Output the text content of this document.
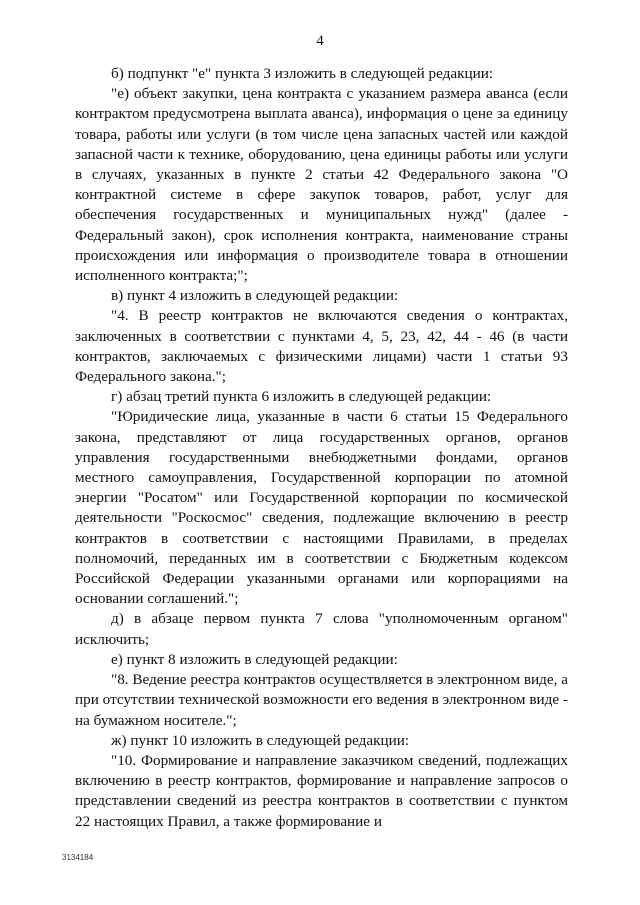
4

б) подпункт "е" пункта 3 изложить в следующей редакции:

"е) объект закупки, цена контракта с указанием размера аванса (если контрактом предусмотрена выплата аванса), информация о цене за единицу товара, работы или услуги (в том числе цена запасных частей или каждой запасной части к технике, оборудованию, цена единицы работы или услуги в случаях, указанных в пункте 2 статьи 42 Федерального закона "О контрактной системе в сфере закупок товаров, работ, услуг для обеспечения государственных и муниципальных нужд" (далее - Федеральный закон), срок исполнения контракта, наименование страны происхождения или информация о производителе товара в отношении исполненного контракта;";

в) пункт 4 изложить в следующей редакции:

"4. В реестр контрактов не включаются сведения о контрактах, заключенных в соответствии с пунктами 4, 5, 23, 42, 44 - 46 (в части контрактов, заключаемых с физическими лицами) части 1 статьи 93 Федерального закона.";

г) абзац третий пункта 6 изложить в следующей редакции:

"Юридические лица, указанные в части 6 статьи 15 Федерального закона, представляют от лица государственных органов, органов управления государственными внебюджетными фондами, органов местного самоуправления, Государственной корпорации по атомной энергии "Росатом" или Государственной корпорации по космической деятельности "Роскосмос" сведения, подлежащие включению в реестр контрактов в соответствии с настоящими Правилами, в пределах полномочий, переданных им в соответствии с Бюджетным кодексом Российской Федерации указанными органами или корпорациями на основании соглашений.";

д) в абзаце первом пункта 7 слова "уполномоченным органом" исключить;

е) пункт 8 изложить в следующей редакции:

"8. Ведение реестра контрактов осуществляется в электронном виде, а при отсутствии технической возможности его ведения в электронном виде - на бумажном носителе.";

ж) пункт 10 изложить в следующей редакции:

"10. Формирование и направление заказчиком сведений, подлежащих включению в реестр контрактов, формирование и направление запросов о представлении сведений из реестра контрактов в соответствии с пунктом 22 настоящих Правил, а также формирование и

3134184
